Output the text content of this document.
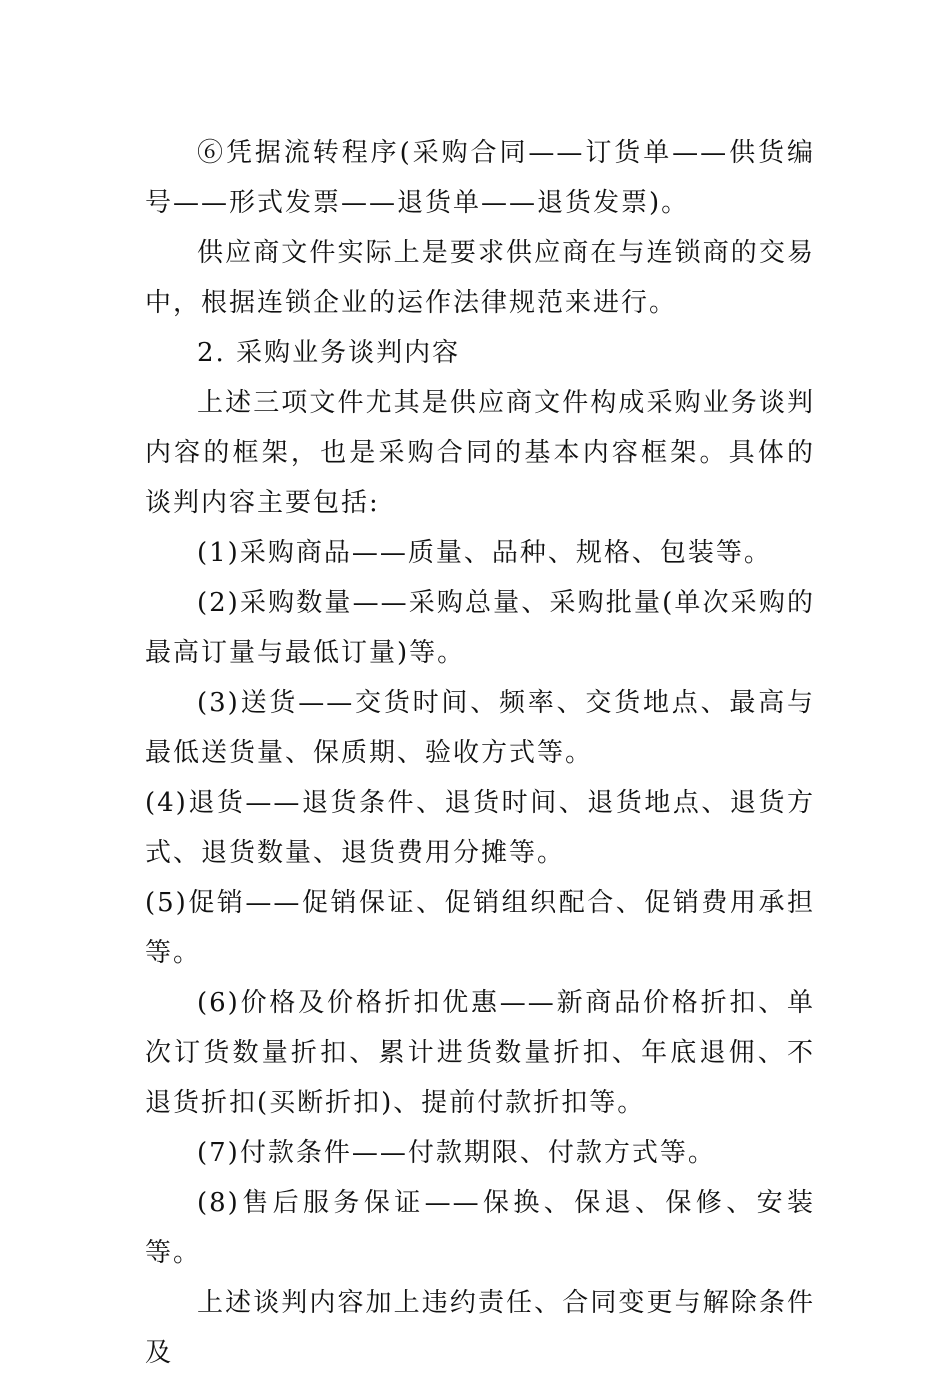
⑥凭据流转程序(采购合同——订货单——供货编号——形式发票——退货单——退货发票)。

供应商文件实际上是要求供应商在与连锁商的交易中，根据连锁企业的运作法律规范来进行。

2. 采购业务谈判内容

上述三项文件尤其是供应商文件构成采购业务谈判内容的框架，也是采购合同的基本内容框架。具体的谈判内容主要包括:

(1)采购商品——质量、品种、规格、包装等。

(2)采购数量——采购总量、采购批量(单次采购的最高订量与最低订量)等。

(3)送货——交货时间、频率、交货地点、最高与最低送货量、保质期、验收方式等。

(4)退货——退货条件、退货时间、退货地点、退货方式、退货数量、退货费用分摊等。

(5)促销——促销保证、促销组织配合、促销费用承担等。

(6)价格及价格折扣优惠——新商品价格折扣、单次订货数量折扣、累计进货数量折扣、年底退佣、不退货折扣(买断折扣)、提前付款折扣等。

(7)付款条件——付款期限、付款方式等。

(8)售后服务保证——保换、保退、保修、安装等。

上述谈判内容加上违约责任、合同变更与解除条件及
